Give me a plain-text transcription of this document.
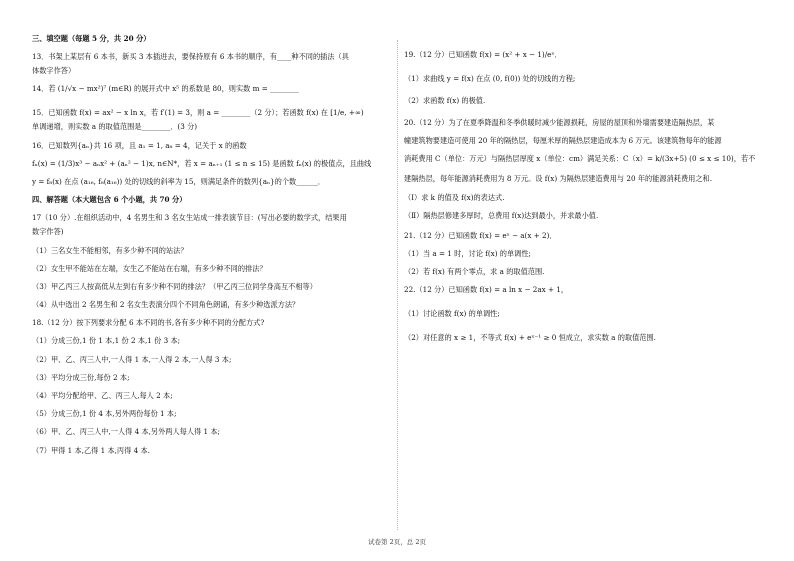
三、填空题（每题 5 分，共 20 分）
13．书架上某层有 6 本书，新买 3 本插进去，要保持原有 6 本书的顺序，有____种不同的插法（具
体数字作答）
14．若 (1/√x − mx²)⁷ (m∈R) 的展开式中 x⁵ 的系数是 80，则实数 m = ________
15．已知函数 f(x) = ax² − x ln x，若 f′(1) = 3，则 a = ________（2 分）；若函数 f(x) 在 [1/e, +∞)
单调递增，则实数 a 的取值范围是________．(3 分)
16．已知数列{aₙ}共 16 项，且 a₁ = 1, a₈ = 4，记关于 x 的函数
fₙ(x) = (1/3)x³ − aₙx² + (aₙ² − 1)x, n∈N*，若 x = aₙ₊₁ (1 ≤ n ≤ 15) 是函数 fₙ(x) 的极值点，且曲线
y = f₈(x) 在点 (a₁₆, f₈(a₁₆)) 处的切线的斜率为 15，则满足条件的数列{aₙ}的个数______．
四、解答题（本大题包含 6 个小题，共 70 分）
17（10 分）.在组织活动中，4 名男生和 3 名女生站成一排表演节目：(写出必要的数学式，结果用
数字作答)
（1）三名女生不能相邻，有多少种不同的站法？
（2）女生甲不能站在左端，女生乙不能站在右端，有多少种不同的排法？
（3）甲乙丙三人按高低从左到右有多少种不同的排法？（甲乙丙三位同学身高互不相等）
（4）从中选出 2 名男生和 2 名女生表演分四个不同角色朗诵，有多少种选派方法？
18.（12 分）按下列要求分配 6 本不同的书,各有多少种不同的分配方式?
（1）分成三份,1 份 1 本,1 份 2 本,1 份 3 本;
（2）甲、乙、丙三人中,一人得 1 本,一人得 2 本,一人得 3 本;
（3）平均分成三份,每份 2 本;
（4）平均分配给甲、乙、丙三人,每人 2 本;
（5）分成三份,1 份 4 本,另外两份每份 1 本;
（6）甲、乙、丙三人中,一人得 4 本,另外两人每人得 1 本;
（7）甲得 1 本,乙得 1 本,丙得 4 本.
19.（12 分）已知函数 f(x) = (x² + x − 1)/eˣ．
（1）求曲线 y = f(x) 在点 (0, f(0)) 处的切线的方程;
（2）求函数 f(x) 的极值.
20.（12 分）为了在夏季降温和冬季供暖时减少能源损耗，房屋的屋顶和外墙需要建造隔热层，某
幢建筑物要建造可使用 20 年的隔热层，每厘米厚的隔热层建造成本为 6 万元。该建筑物每年的能源
消耗费用 C（单位：万元）与隔热层厚度 x（单位：cm）满足关系：C（x）= k/(3x+5) (0 ≤ x ≤ 10)，若不
建隔热层，每年能源消耗费用为 8 万元。设 f(x) 为隔热层建造费用与 20 年的能源消耗费用之和.
（Ⅰ）求 k 的值及 f(x)的表达式.
（Ⅱ）隔热层修建多厚时，总费用 f(x)达到最小，并求最小值.
21.（12 分）已知函数 f(x) = eˣ − a(x + 2)．
（1）当 a = 1 时，讨论 f(x) 的单调性;
（2）若 f(x) 有两个零点，求 a 的取值范围.
22.（12 分）已知函数 f(x) = a ln x − 2ax + 1，
（1）讨论函数 f(x) 的单调性;
（2）对任意的 x ≥ 1，不等式 f(x) + eˣ⁻¹ ≥ 0 恒成立，求实数 a 的取值范围.
试卷第 2页，总 2页
